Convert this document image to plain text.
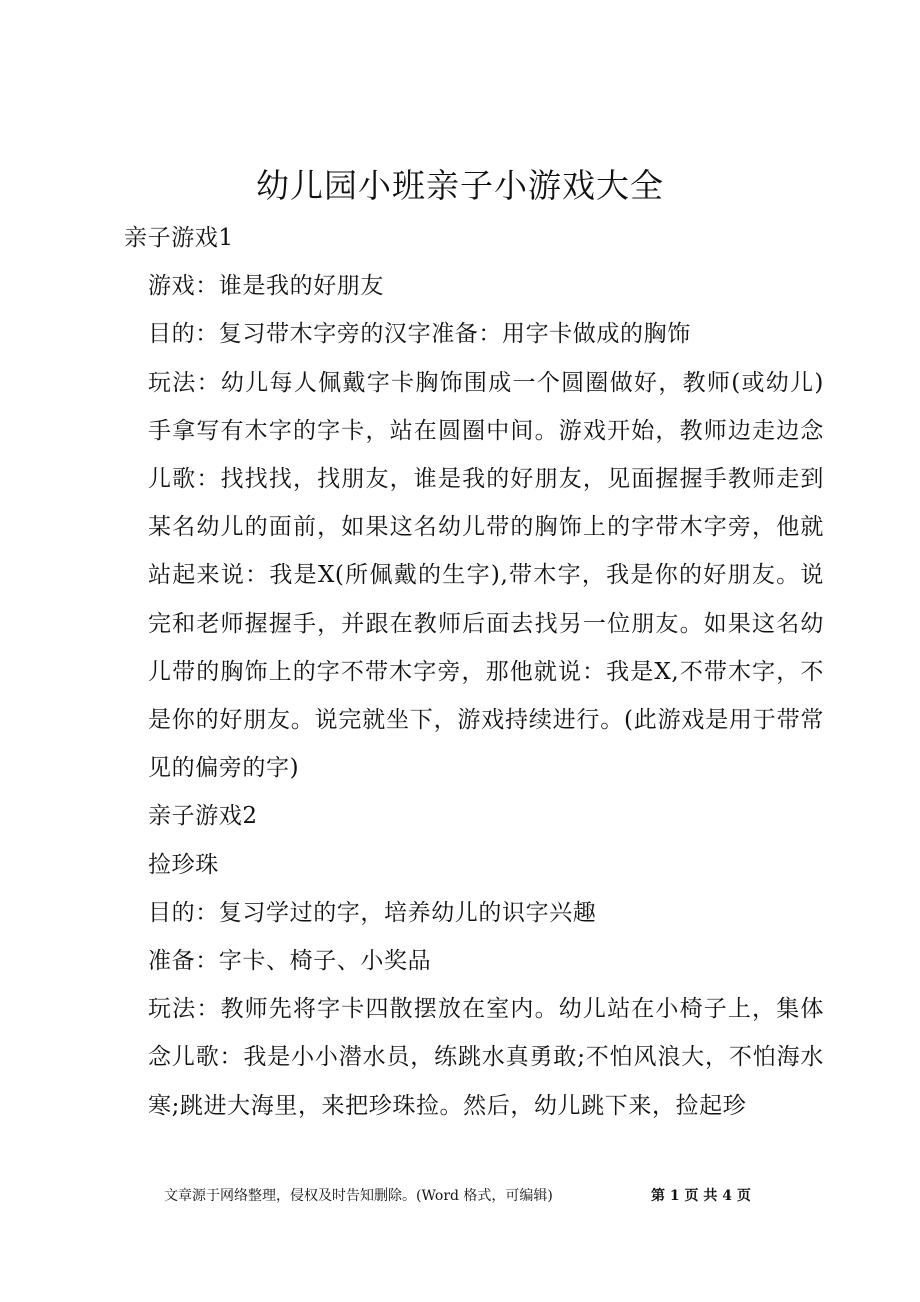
幼儿园小班亲子小游戏大全

亲子游戏1

游戏：谁是我的好朋友

目的：复习带木字旁的汉字准备：用字卡做成的胸饰

玩法：幼儿每人佩戴字卡胸饰围成一个圆圈做好，教师(或幼儿)手拿写有木字的字卡，站在圆圈中间。游戏开始，教师边走边念儿歌：找找找，找朋友，谁是我的好朋友，见面握握手教师走到某名幼儿的面前，如果这名幼儿带的胸饰上的字带木字旁，他就站起来说：我是X(所佩戴的生字),带木字，我是你的好朋友。说完和老师握握手，并跟在教师后面去找另一位朋友。如果这名幼儿带的胸饰上的字不带木字旁，那他就说：我是X,不带木字，不是你的好朋友。说完就坐下，游戏持续进行。(此游戏是用于带常见的偏旁的字)

亲子游戏2

捡珍珠

目的：复习学过的字，培养幼儿的识字兴趣

准备：字卡、椅子、小奖品

玩法：教师先将字卡四散摆放在室内。幼儿站在小椅子上，集体念儿歌：我是小小潜水员，练跳水真勇敢;不怕风浪大，不怕海水寒;跳进大海里，来把珍珠捡。然后，幼儿跳下来，捡起珍

文章源于网络整理，侵权及时告知删除。(Word 格式，可编辑)	第 1 页 共 4 页
